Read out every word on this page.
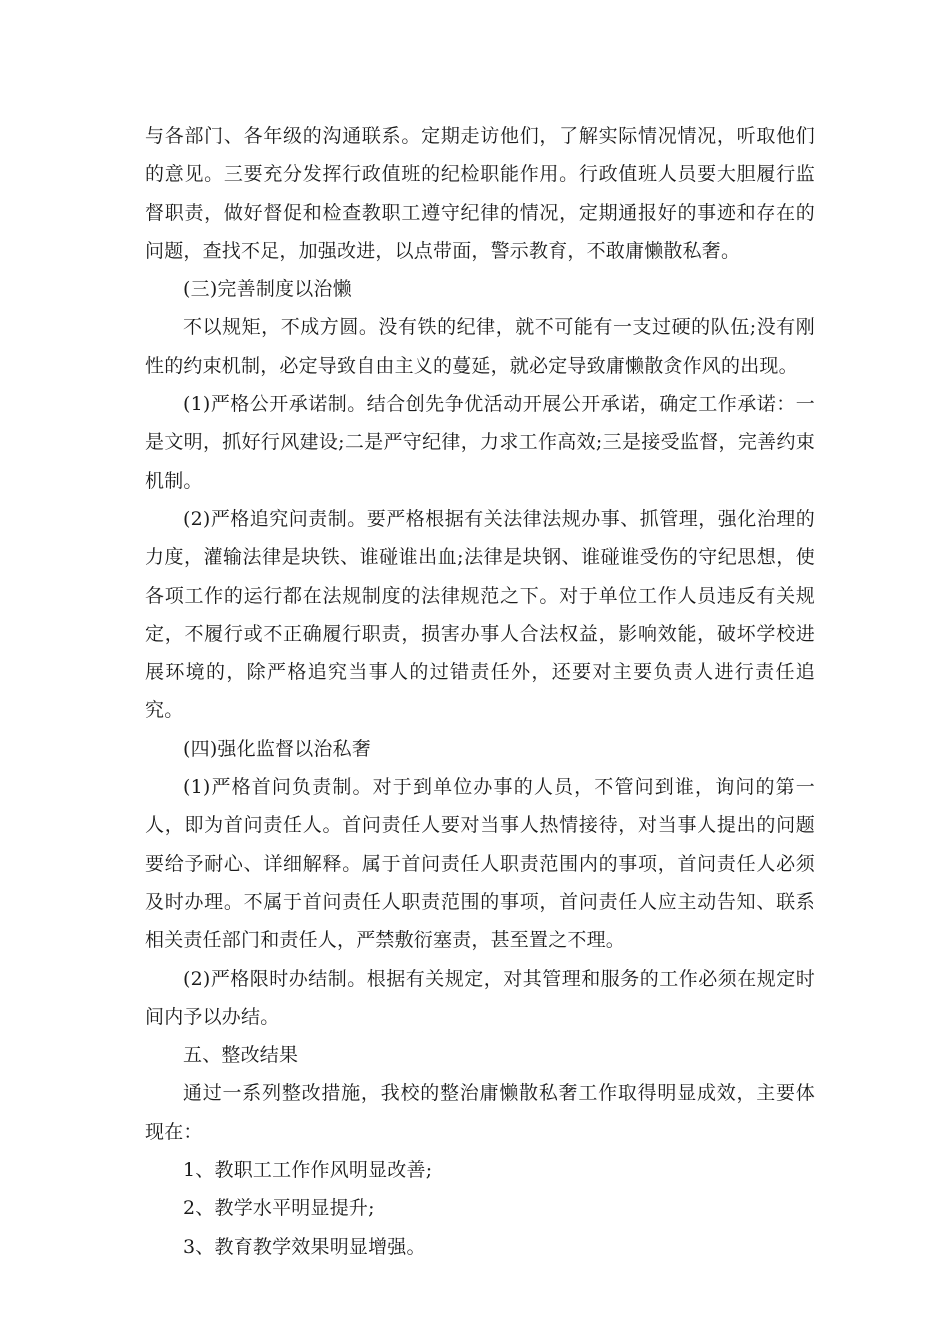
与各部门、各年级的沟通联系。定期走访他们，了解实际情况情况，听取他们的意见。三要充分发挥行政值班的纪检职能作用。行政值班人员要大胆履行监督职责，做好督促和检查教职工遵守纪律的情况，定期通报好的事迹和存在的问题，查找不足，加强改进，以点带面，警示教育，不敢庸懒散私奢。

(三)完善制度以治懒

不以规矩，不成方圆。没有铁的纪律，就不可能有一支过硬的队伍;没有刚性的约束机制，必定导致自由主义的蔓延，就必定导致庸懒散贪作风的出现。

(1)严格公开承诺制。结合创先争优活动开展公开承诺，确定工作承诺：一是文明，抓好行风建设;二是严守纪律，力求工作高效;三是接受监督，完善约束机制。

(2)严格追究问责制。要严格根据有关法律法规办事、抓管理，强化治理的力度，灌输法律是块铁、谁碰谁出血;法律是块钢、谁碰谁受伤的守纪思想，使各项工作的运行都在法规制度的法律规范之下。对于单位工作人员违反有关规定，不履行或不正确履行职责，损害办事人合法权益，影响效能，破坏学校进展环境的，除严格追究当事人的过错责任外，还要对主要负责人进行责任追究。

(四)强化监督以治私奢

(1)严格首问负责制。对于到单位办事的人员，不管问到谁，询问的第一人，即为首问责任人。首问责任人要对当事人热情接待，对当事人提出的问题要给予耐心、详细解释。属于首问责任人职责范围内的事项，首问责任人必须及时办理。不属于首问责任人职责范围的事项，首问责任人应主动告知、联系相关责任部门和责任人，严禁敷衍塞责，甚至置之不理。

(2)严格限时办结制。根据有关规定，对其管理和服务的工作必须在规定时间内予以办结。

五、整改结果

通过一系列整改措施，我校的整治庸懒散私奢工作取得明显成效，主要体现在：

1、教职工工作作风明显改善;

2、教学水平明显提升;

3、教育教学效果明显增强。
